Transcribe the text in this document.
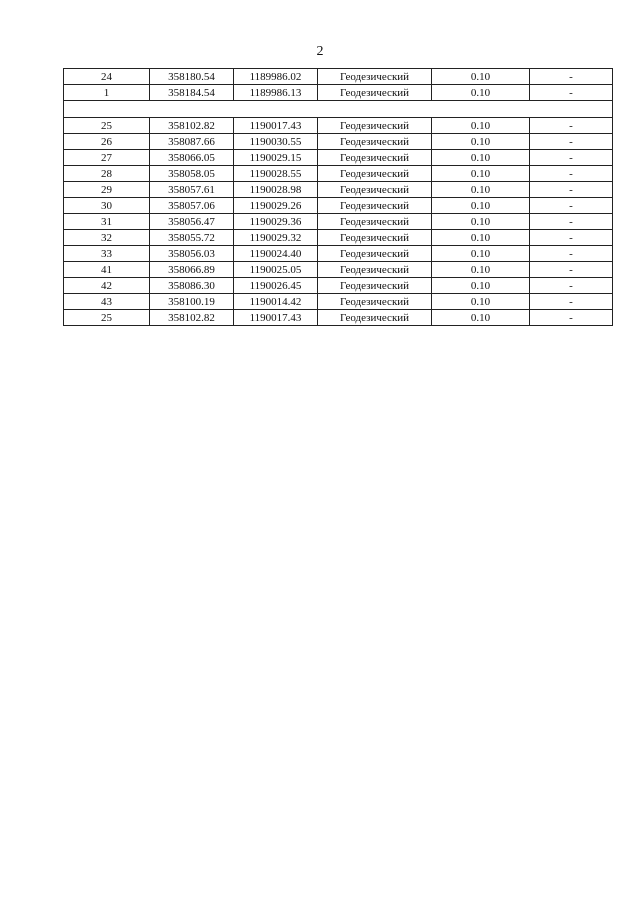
2
24	358180.54	1189986.02	Геодезический	0.10	-
1	358184.54	1189986.13	Геодезический	0.10	-

25	358102.82	1190017.43	Геодезический	0.10	-
26	358087.66	1190030.55	Геодезический	0.10	-
27	358066.05	1190029.15	Геодезический	0.10	-
28	358058.05	1190028.55	Геодезический	0.10	-
29	358057.61	1190028.98	Геодезический	0.10	-
30	358057.06	1190029.26	Геодезический	0.10	-
31	358056.47	1190029.36	Геодезический	0.10	-
32	358055.72	1190029.32	Геодезический	0.10	-
33	358056.03	1190024.40	Геодезический	0.10	-
41	358066.89	1190025.05	Геодезический	0.10	-
42	358086.30	1190026.45	Геодезический	0.10	-
43	358100.19	1190014.42	Геодезический	0.10	-
25	358102.82	1190017.43	Геодезический	0.10	-
